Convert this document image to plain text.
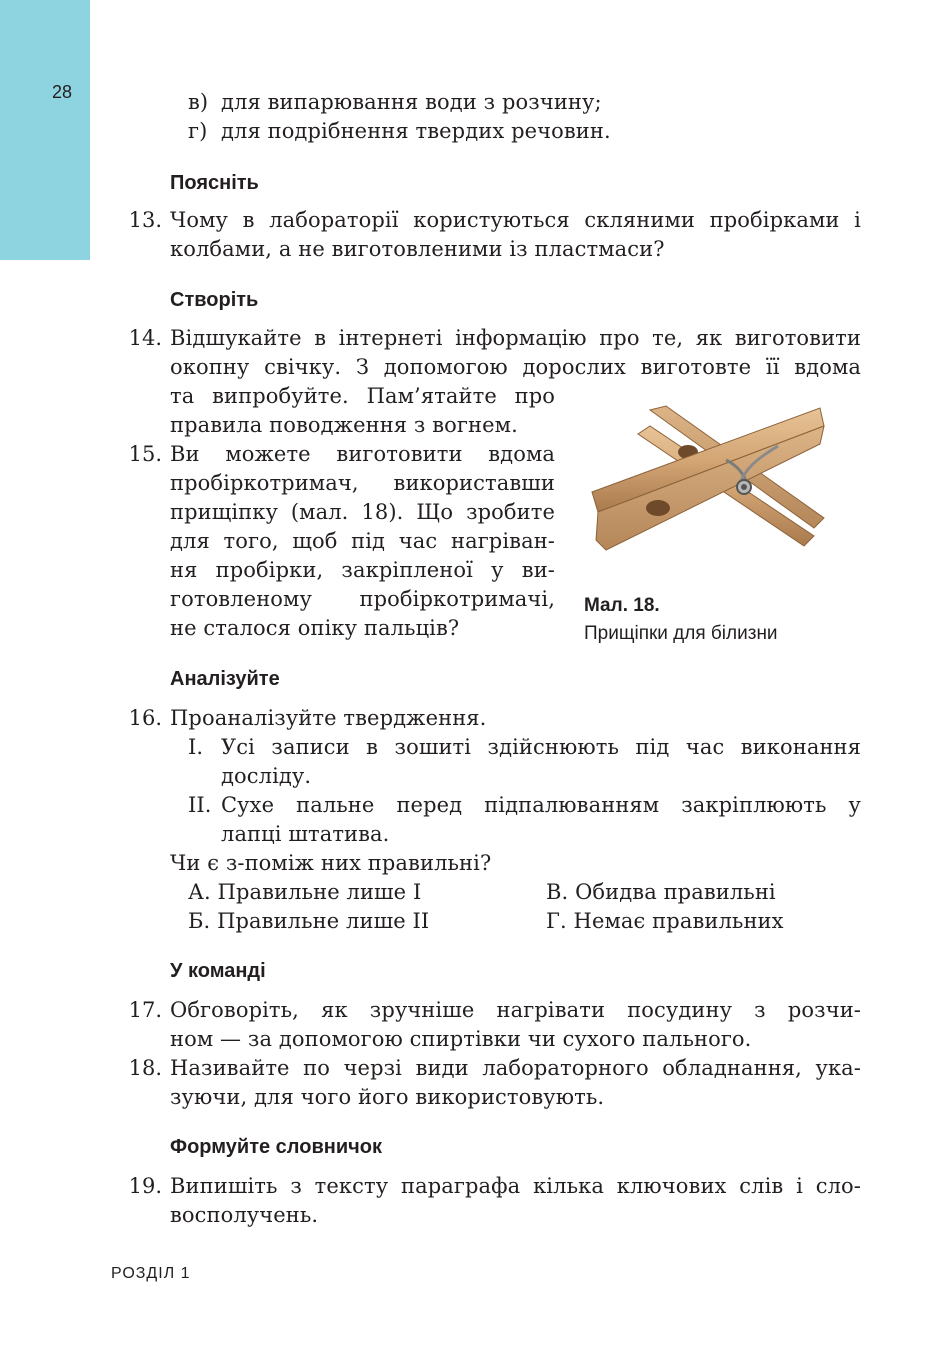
28	в) для випарювання води з розчину;
г) для подрібнення твердих речовин.
Поясніть
13. Чому в лабораторії користуються скляними пробірками і
колбами, а не виготовленими із пластмаси?
Створіть
14. Відшукайте в інтернеті інформацію про те, як виготовити
окопну свічку. З допомогою дорослих виготовте її вдома
та випробуйте. Пам’ятайте про
правила поводження з вогнем.
15. Ви можете виготовити вдома
пробіркотримач, використавши
прищіпку (мал. 18). Що зробите
для того, щоб під час нагріван-
ня пробірки, закріпленої у ви-
готовленому пробіркотримачі,
не сталося опіку пальців?
Мал. 18.
Прищіпки для білизни
Аналізуйте
16. Проаналізуйте твердження.
I. Усі записи в зошиті здійснюють під час виконання
досліду.
II. Сухе пальне перед підпалюванням закріплюють у
лапці штатива.
Чи є з-поміж них правильні?
А. Правильне лише I	В. Обидва правильні
Б. Правильне лише II	Г. Немає правильних
У команді
17. Обговоріть, як зручніше нагрівати посудину з розчи-
ном — за допомогою спиртівки чи сухого пального.
18. Називайте по черзі види лабораторного обладнання, ука-
зуючи, для чого його використовують.
Формуйте словничок
19. Випишіть з тексту параграфа кілька ключових слів і сло-
восполучень.
РОЗДІЛ 1
